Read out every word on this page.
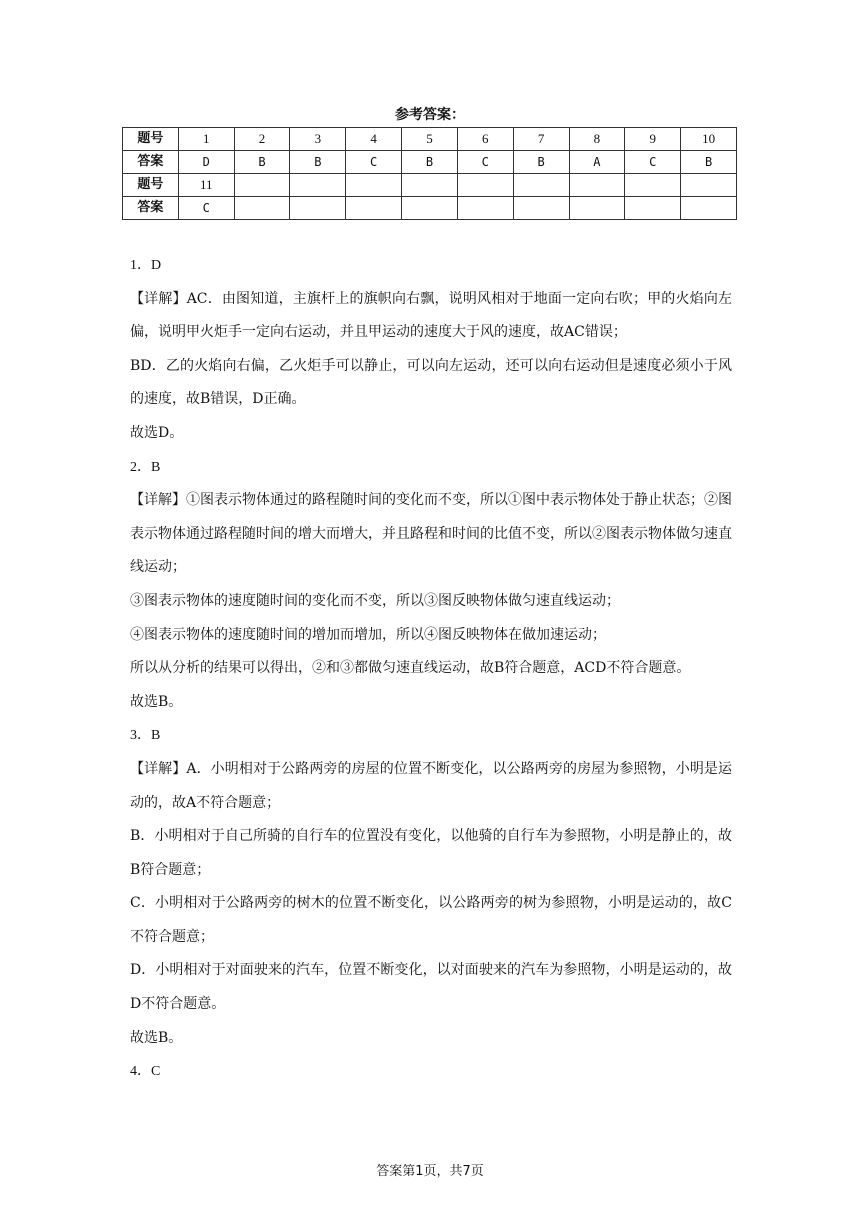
参考答案：
题号	1	2	3	4	5	6	7	8	9	10
答案	D	B	B	C	B	C	B	A	C	B
题号	11									
答案	C									

1．D

【详解】AC．由图知道，主旗杆上的旗帜向右飘，说明风相对于地面一定向右吹；甲的火焰向左偏，说明甲火炬手一定向右运动，并且甲运动的速度大于风的速度，故AC错误；

BD．乙的火焰向右偏，乙火炬手可以静止，可以向左运动，还可以向右运动但是速度必须小于风的速度，故B错误，D正确。

故选D。

2．B

【详解】①图表示物体通过的路程随时间的变化而不变，所以①图中表示物体处于静止状态；②图表示物体通过路程随时间的增大而增大，并且路程和时间的比值不变，所以②图表示物体做匀速直线运动；

③图表示物体的速度随时间的变化而不变，所以③图反映物体做匀速直线运动；

④图表示物体的速度随时间的增加而增加，所以④图反映物体在做加速运动；

所以从分析的结果可以得出，②和③都做匀速直线运动，故B符合题意，ACD不符合题意。

故选B。

3．B

【详解】A．小明相对于公路两旁的房屋的位置不断变化，以公路两旁的房屋为参照物，小明是运动的，故A不符合题意；

B．小明相对于自己所骑的自行车的位置没有变化，以他骑的自行车为参照物，小明是静止的，故B符合题意；

C．小明相对于公路两旁的树木的位置不断变化，以公路两旁的树为参照物，小明是运动的，故C不符合题意；

D．小明相对于对面驶来的汽车，位置不断变化，以对面驶来的汽车为参照物，小明是运动的，故D不符合题意。

故选B。

4．C

答案第1页，共7页
